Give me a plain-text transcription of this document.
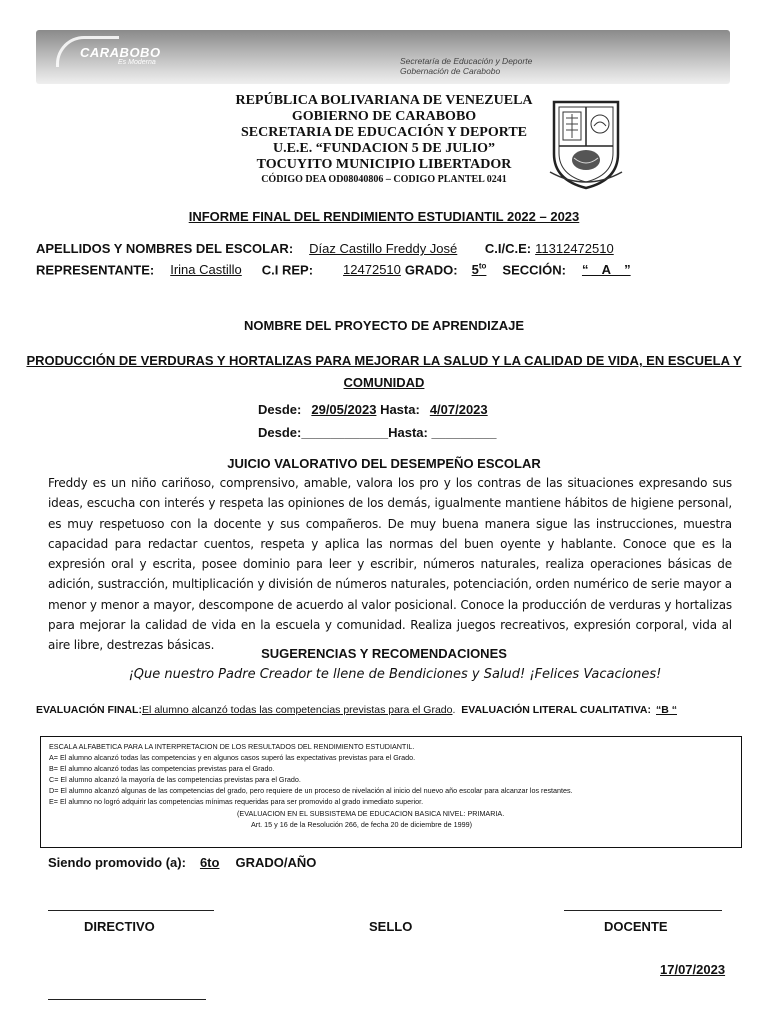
CARABOBO
Es Moderna	Secretaría de Educación y Deporte
Gobernación de Carabobo
REPÚBLICA BOLIVARIANA DE VENEZUELA
GOBIERNO DE CARABOBO
SECRETARIA DE EDUCACIÓN Y DEPORTE
U.E.E. “FUNDACION 5 DE JULIO”
TOCUYITO MUNICIPIO LIBERTADOR
CÓDIGO DEA OD08040806 – CODIGO PLANTEL 0241
INFORME FINAL DEL RENDIMIENTO ESTUDIANTIL 2022 – 2023
APELLIDOS Y NOMBRES DEL ESCOLAR: Díaz Castillo Freddy José C.I/C.E: 11312472510
REPRESENTANTE: Irina Castillo C.I REP: 12472510 GRADO: $5^{to}$ SECCIÓN: “ A ”
NOMBRE DEL PROYECTO DE APRENDIZAJE
PRODUCCIÓN DE VERDURAS Y HORTALIZAS PARA MEJORAR LA SALUD Y LA CALIDAD DE VIDA, EN ESCUELA Y
COMUNIDAD
Desde: 29/05/2023 Hasta: 4/07/2023
Desde:____________Hasta: _________
JUICIO VALORATIVO DEL DESEMPEÑO ESCOLAR
Freddy es un niño cariñoso, comprensivo, amable, valora los pro y los contras de las situaciones expresando sus ideas, escucha con interés y respeta las opiniones de los demás, igualmente mantiene hábitos de higiene personal, es muy respetuoso con la docente y sus compañeros. De muy buena manera sigue las instrucciones, muestra capacidad para redactar cuentos, respeta y aplica las normas del buen oyente y hablante. Conoce que es la expresión oral y escrita, posee dominio para leer y escribir, números naturales, realiza operaciones básicas de adición, sustracción, multiplicación y división de números naturales, potenciación, orden numérico de serie mayor a menor y menor a mayor, descompone de acuerdo al valor posicional. Conoce la producción de verduras y hortalizas para mejorar la calidad de vida en la escuela y comunidad. Realiza juegos recreativos, expresión corporal, vida al aire libre, destrezas básicas.
SUGERENCIAS Y RECOMENDACIONES
¡Que nuestro Padre Creador te llene de Bendiciones y Salud! ¡Felices Vacaciones!
EVALUACIÓN FINAL:El alumno alcanzó todas las competencias previstas para el Grado.  EVALUACIÓN LITERAL CUALITATIVA: “B “
ESCALA ALFABETICA PARA LA INTERPRETACION DE LOS RESULTADOS DEL RENDIMIENTO ESTUDIANTIL.
A= El alumno alcanzó todas las competencias y en algunos casos superó las expectativas previstas para el Grado.
B= El alumno alcanzó todas las competencias previstas para el Grado.
C= El alumno alcanzó la mayoría de las competencias previstas para el Grado.
D= El alumno alcanzó algunas de las competencias del grado, pero requiere de un proceso de nivelación al inicio del nuevo año escolar para alcanzar los restantes.
E= El alumno no logró adquirir las competencias mínimas requeridas para ser promovido al grado inmediato superior.
(EVALUACION EN EL SUBSISTEMA DE EDUCACION BASICA NIVEL: PRIMARIA.
Art. 15 y 16 de la Resolución 266, de fecha 20 de diciembre de 1999)
Siendo promovido (a): 6to GRADO/AÑO
DIRECTIVO	SELLO	DOCENTE
17/07/2023
